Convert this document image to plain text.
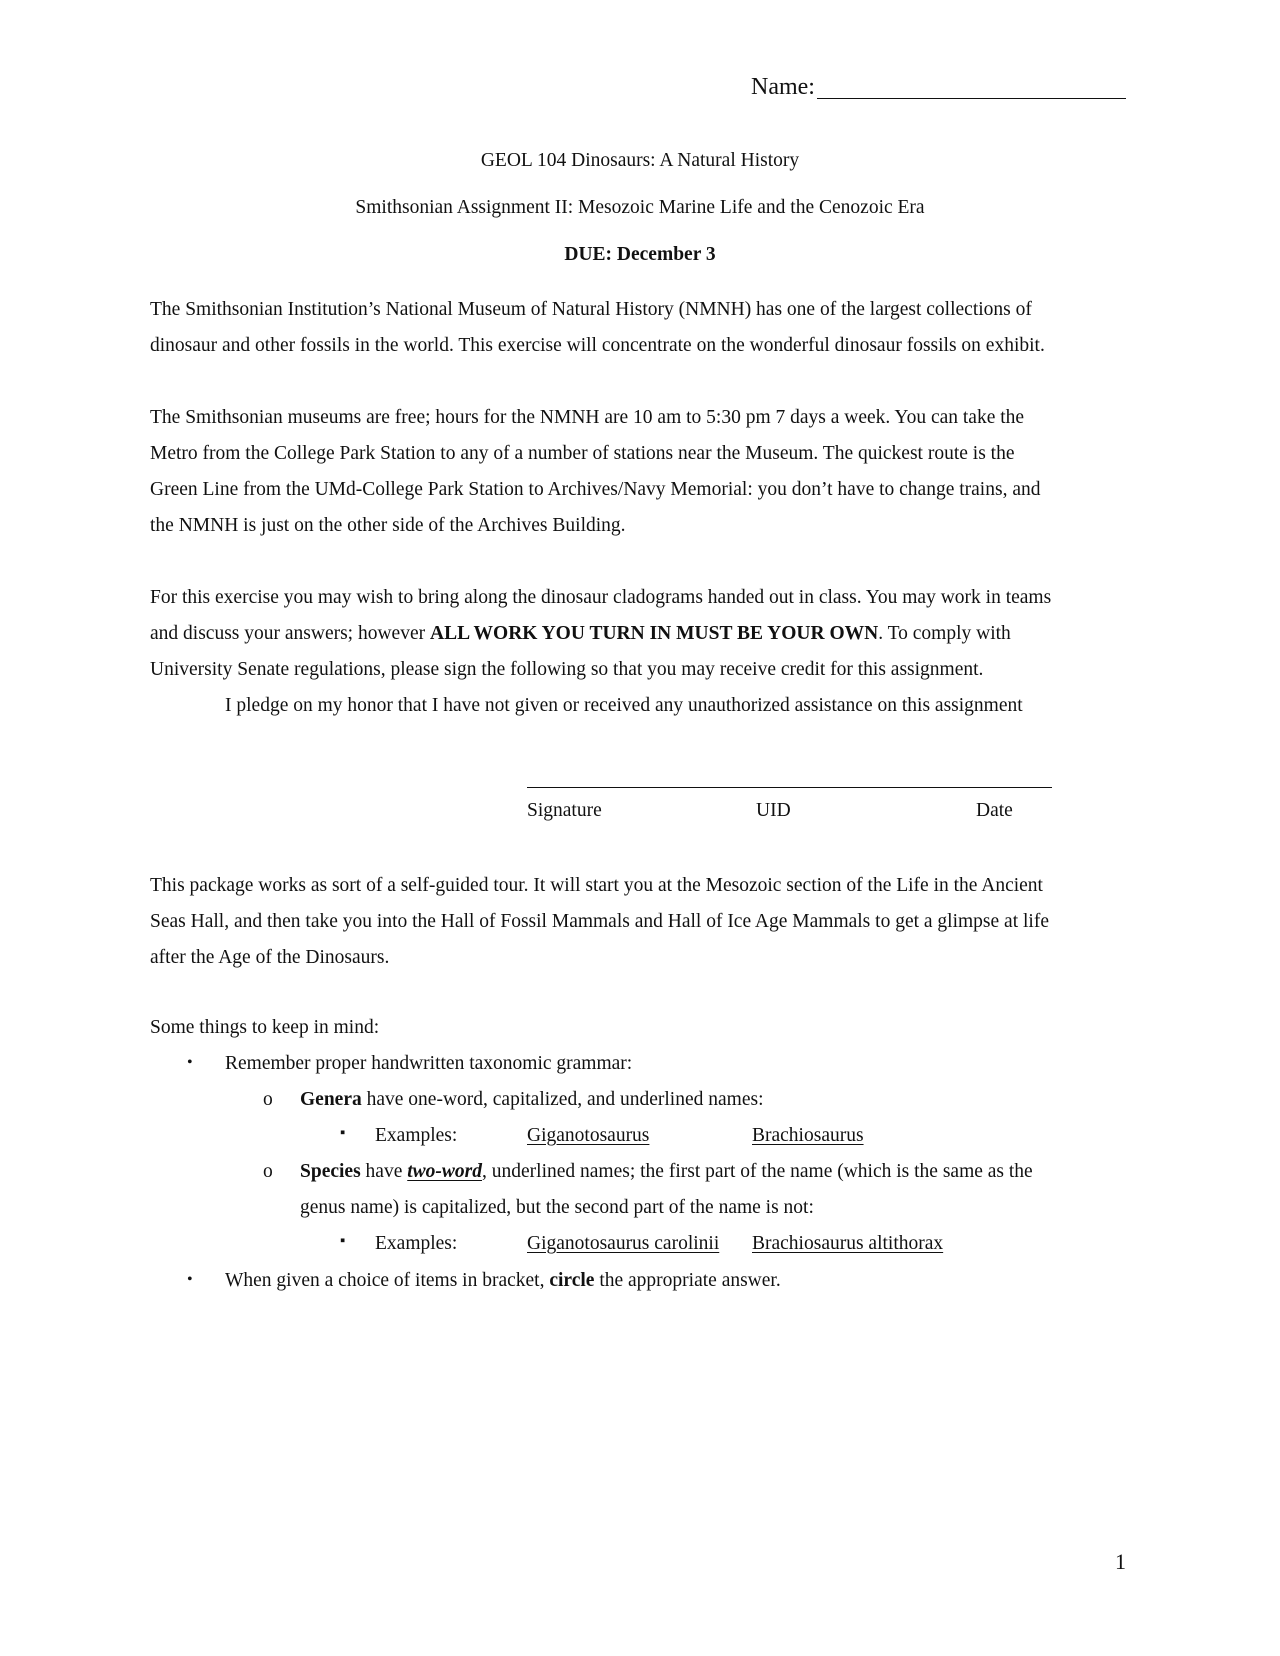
Name:
GEOL 104 Dinosaurs: A Natural History
Smithsonian Assignment II: Mesozoic Marine Life and the Cenozoic Era
DUE: December 3
The Smithsonian Institution’s National Museum of Natural History (NMNH) has one of the largest collections of
dinosaur and other fossils in the world. This exercise will concentrate on the wonderful dinosaur fossils on exhibit.
The Smithsonian museums are free; hours for the NMNH are 10 am to 5:30 pm 7 days a week. You can take the
Metro from the College Park Station to any of a number of stations near the Museum. The quickest route is the
Green Line from the UMd-College Park Station to Archives/Navy Memorial: you don’t have to change trains, and
the NMNH is just on the other side of the Archives Building.
For this exercise you may wish to bring along the dinosaur cladograms handed out in class. You may work in teams
and discuss your answers; however ALL WORK YOU TURN IN MUST BE YOUR OWN. To comply with
University Senate regulations, please sign the following so that you may receive credit for this assignment.
I pledge on my honor that I have not given or received any unauthorized assistance on this assignment
Signature	UID	Date
This package works as sort of a self-guided tour. It will start you at the Mesozoic section of the Life in the Ancient
Seas Hall, and then take you into the Hall of Fossil Mammals and Hall of Ice Age Mammals to get a glimpse at life
after the Age of the Dinosaurs.
Some things to keep in mind:
• Remember proper handwritten taxonomic grammar:
o Genera have one-word, capitalized, and underlined names:
▪ Examples:	Giganotosaurus	Brachiosaurus
o Species have two-word, underlined names; the first part of the name (which is the same as the
genus name) is capitalized, but the second part of the name is not:
▪ Examples:	Giganotosaurus carolinii Brachiosaurus altithorax
• When given a choice of items in bracket, circle the appropriate answer.
1
